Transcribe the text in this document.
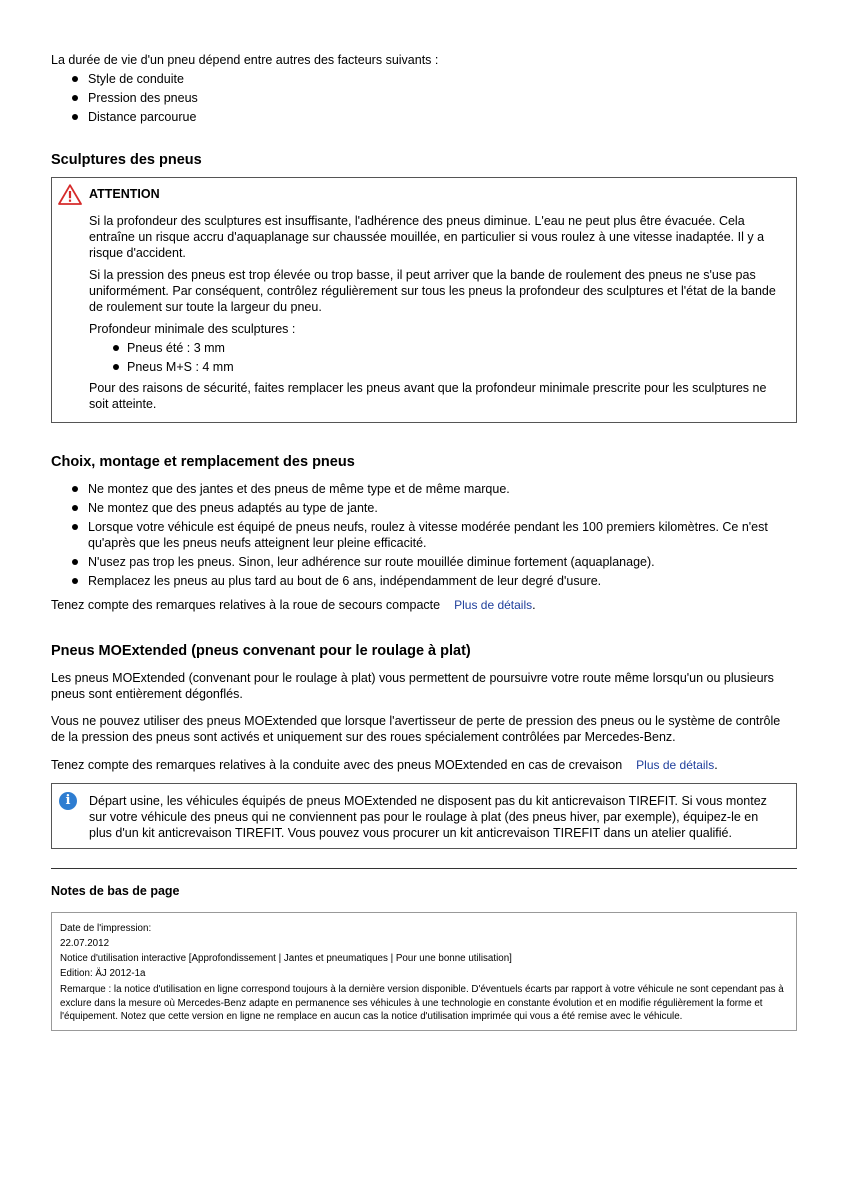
La durée de vie d'un pneu dépend entre autres des facteurs suivants :

Style de conduite
Pression des pneus
Distance parcourue
Sculptures des pneus
ATTENTION

Si la profondeur des sculptures est insuffisante, l'adhérence des pneus diminue. L'eau ne peut plus être évacuée. Cela entraîne un risque accru d'aquaplanage sur chaussée mouillée, en particulier si vous roulez à une vitesse inadaptée. Il y a risque d'accident.

Si la pression des pneus est trop élevée ou trop basse, il peut arriver que la bande de roulement des pneus ne s'use pas uniformément. Par conséquent, contrôlez régulièrement sur tous les pneus la profondeur des sculptures et l'état de la bande de roulement sur toute la largeur du pneu.

Profondeur minimale des sculptures :

Pneus été : 3 mm
Pneus M+S : 4 mm

Pour des raisons de sécurité, faites remplacer les pneus avant que la profondeur minimale prescrite pour les sculptures ne soit atteinte.

Choix, montage et remplacement des pneus
Ne montez que des jantes et des pneus de même type et de même marque.
Ne montez que des pneus adaptés au type de jante.
Lorsque votre véhicule est équipé de pneus neufs, roulez à vitesse modérée pendant les 100 premiers kilomètres. Ce n'est qu'après que les pneus neufs atteignent leur pleine efficacité.
N'usez pas trop les pneus. Sinon, leur adhérence sur route mouillée diminue fortement (aquaplanage).
Remplacez les pneus au plus tard au bout de 6 ans, indépendamment de leur degré d'usure.

Tenez compte des remarques relatives à la roue de secours compacte Plus de détails.

Pneus MOExtended (pneus convenant pour le roulage à plat)

Les pneus MOExtended (convenant pour le roulage à plat) vous permettent de poursuivre votre route même lorsqu'un ou plusieurs pneus sont entièrement dégonflés.

Vous ne pouvez utiliser des pneus MOExtended que lorsque l'avertisseur de perte de pression des pneus ou le système de contrôle de la pression des pneus sont activés et uniquement sur des roues spécialement contrôlées par Mercedes-Benz.

Tenez compte des remarques relatives à la conduite avec des pneus MOExtended en cas de crevaison Plus de détails.

i	Départ usine, les véhicules équipés de pneus MOExtended ne disposent pas du kit anticrevaison TIREFIT. Si vous montez sur votre véhicule des pneus qui ne conviennent pas pour le roulage à plat (des pneus hiver, par exemple), équipez-le en plus d'un kit anticrevaison TIREFIT. Vous pouvez vous procurer un kit anticrevaison TIREFIT dans un atelier qualifié.

Notes de bas de page

Date de l'impression:

22.07.2012

Notice d'utilisation interactive [Approfondissement | Jantes et pneumatiques | Pour une bonne utilisation]

Edition: ÄJ 2012-1a

Remarque : la notice d'utilisation en ligne correspond toujours à la dernière version disponible. D'éventuels écarts par rapport à votre véhicule ne sont cependant pas à exclure dans la mesure où Mercedes-Benz adapte en permanence ses véhicules à une technologie en constante évolution et en modifie régulièrement la forme et l'équipement. Notez que cette version en ligne ne remplace en aucun cas la notice d'utilisation imprimée qui vous a été remise avec le véhicule.
